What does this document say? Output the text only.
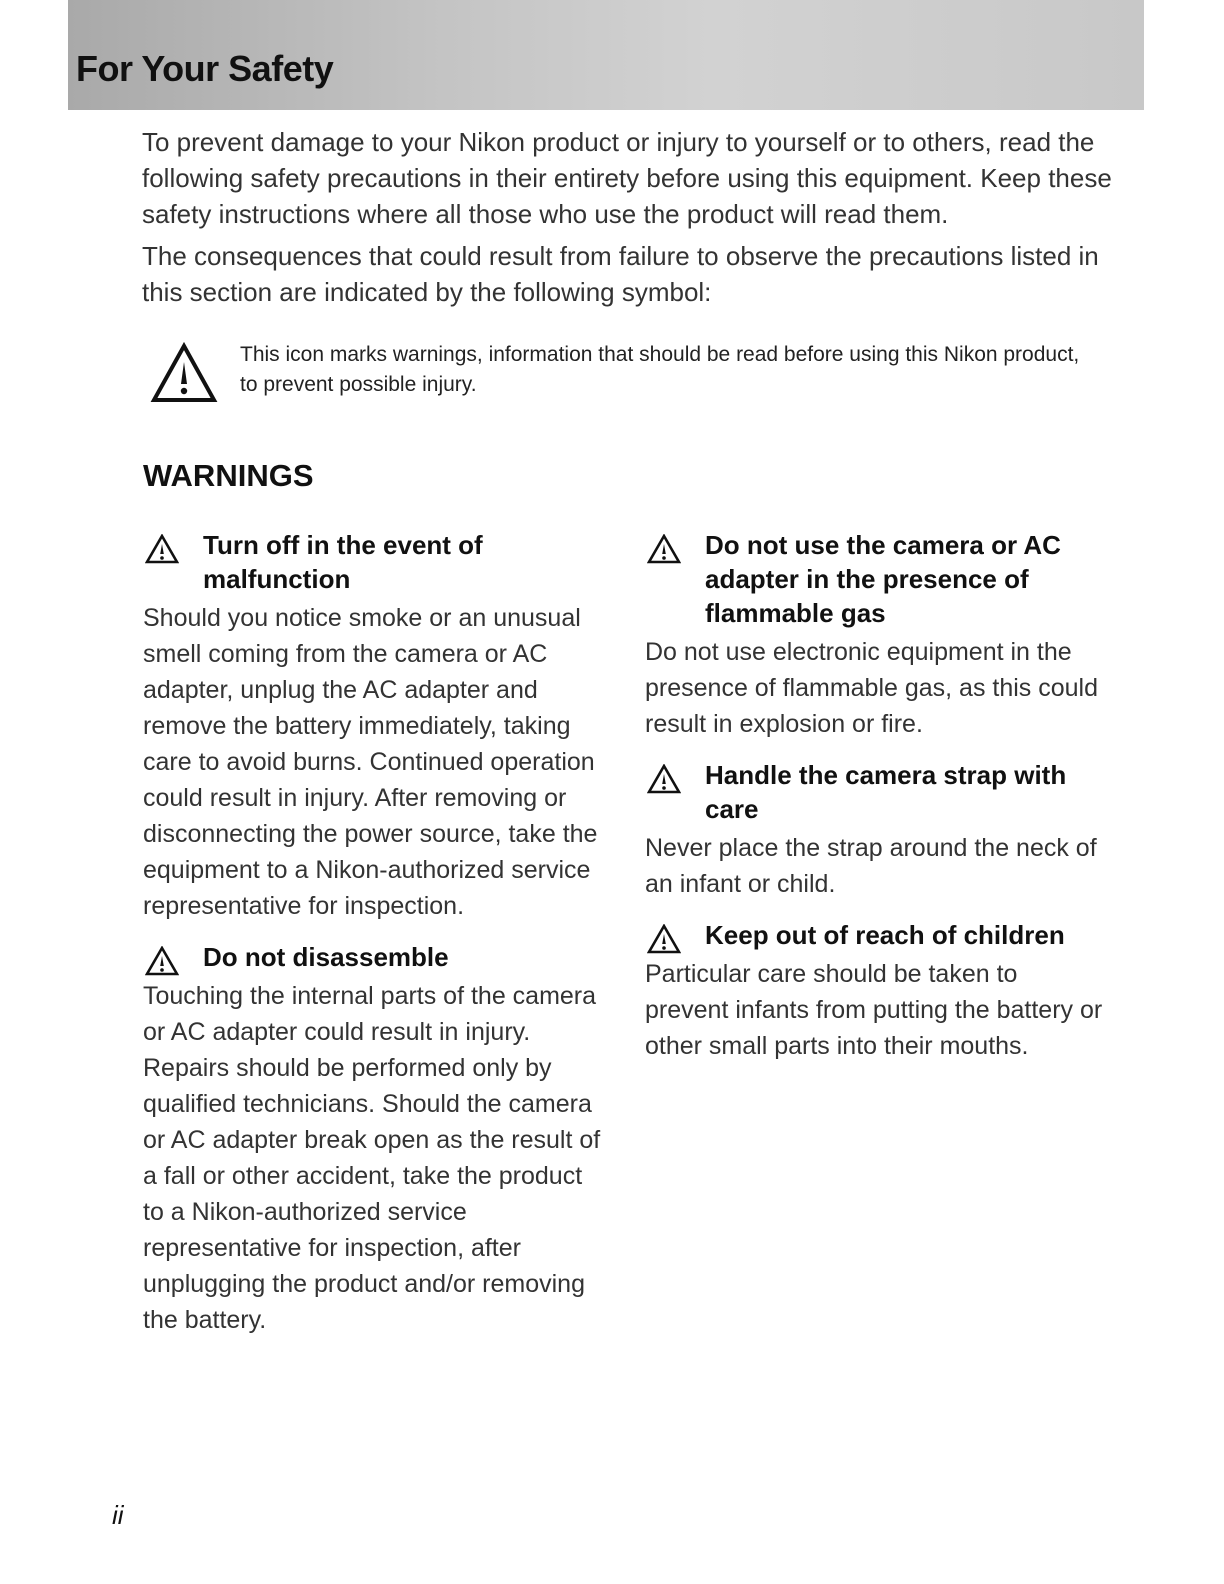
For Your Safety

To prevent damage to your Nikon product or injury to yourself or to others, read the following safety precautions in their entirety before using this equipment. Keep these safety instructions where all those who use the product will read them.

The consequences that could result from failure to observe the precautions listed in this section are indicated by the following symbol:

This icon marks warnings, information that should be read before using this Nikon product, to prevent possible injury.
WARNINGS
Turn off in the event of malfunction

Should you notice smoke or an unusual smell coming from the camera or AC adapter, unplug the AC adapter and remove the battery immediately, taking care to avoid burns. Continued operation could result in injury. After removing or disconnecting the power source, take the equipment to a Nikon-authorized service representative for inspection.

Do not disassemble

Touching the internal parts of the camera or AC adapter could result in injury. Repairs should be performed only by qualified technicians. Should the camera or AC adapter break open as the result of a fall or other accident, take the product to a Nikon-authorized service representative for inspection, after unplugging the product and/or removing the battery.

Do not use the camera or AC adapter in the presence of flammable gas

Do not use electronic equipment in the presence of flammable gas, as this could result in explosion or fire.

Handle the camera strap with care

Never place the strap around the neck of an infant or child.

Keep out of reach of children

Particular care should be taken to prevent infants from putting the battery or other small parts into their mouths.

ii
